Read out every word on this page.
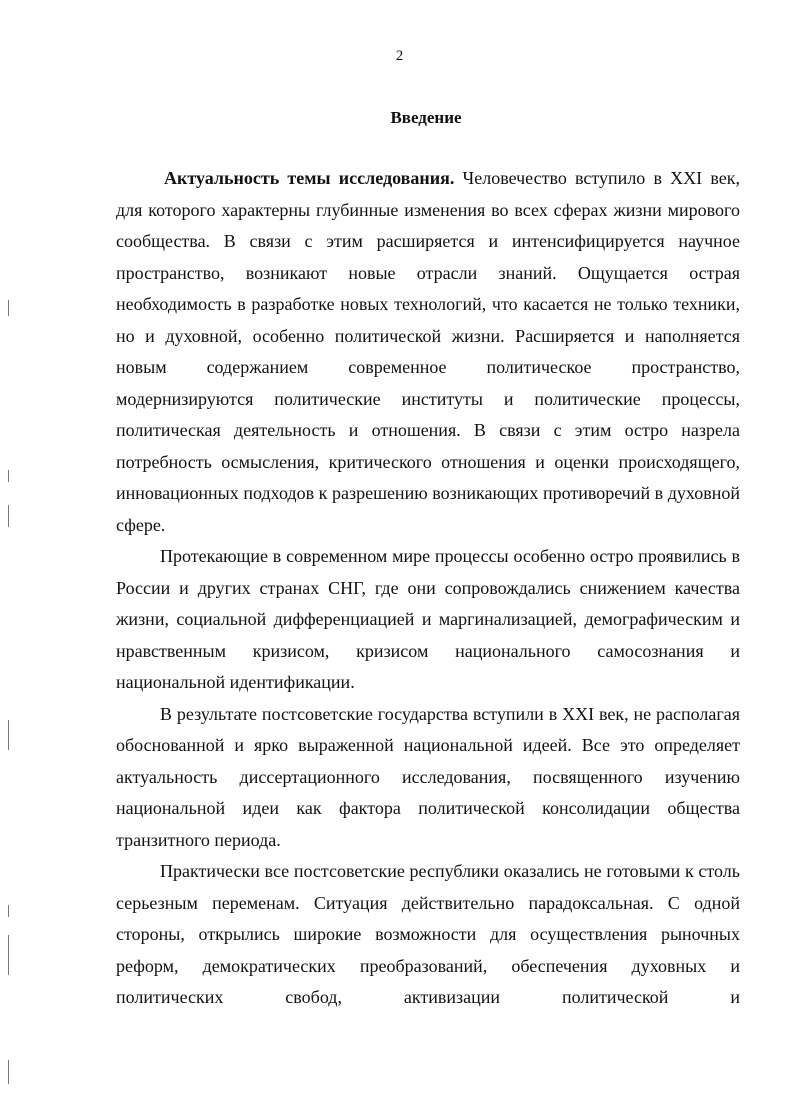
2
Введение

Актуальность темы исследования. Человечество вступило в XXI век, для которого характерны глубинные изменения во всех сферах жизни мирового сообщества. В связи с этим расширяется и интенсифицируется научное пространство, возникают новые отрасли знаний. Ощущается острая необходимость в разработке новых технологий, что касается не только техники, но и духовной, особенно политической жизни. Расширяется и наполняется новым содержанием современное политическое пространство, модернизируются политические институты и политические процессы, политическая деятельность и отношения. В связи с этим остро назрела потребность осмысления, критического отношения и оценки происходящего, инновационных подходов к разрешению возникающих противоречий в духовной сфере.

Протекающие в современном мире процессы особенно остро проявились в России и других странах СНГ, где они сопровождались снижением качества жизни, социальной дифференциацией и маргинализацией, демографическим и нравственным кризисом, кризисом национального самосознания и национальной идентификации.

В результате постсоветские государства вступили в XXI век, не располагая обоснованной и ярко выраженной национальной идеей. Все это определяет актуальность диссертационного исследования, посвященного изучению национальной идеи как фактора политической консолидации общества транзитного периода.

Практически все постсоветские республики оказались не готовыми к столь серьезным переменам. Ситуация действительно парадоксальная. С одной стороны, открылись широкие возможности для осуществления рыночных реформ, демократических преобразований, обеспечения духовных и политических свобод, активизации политической и
